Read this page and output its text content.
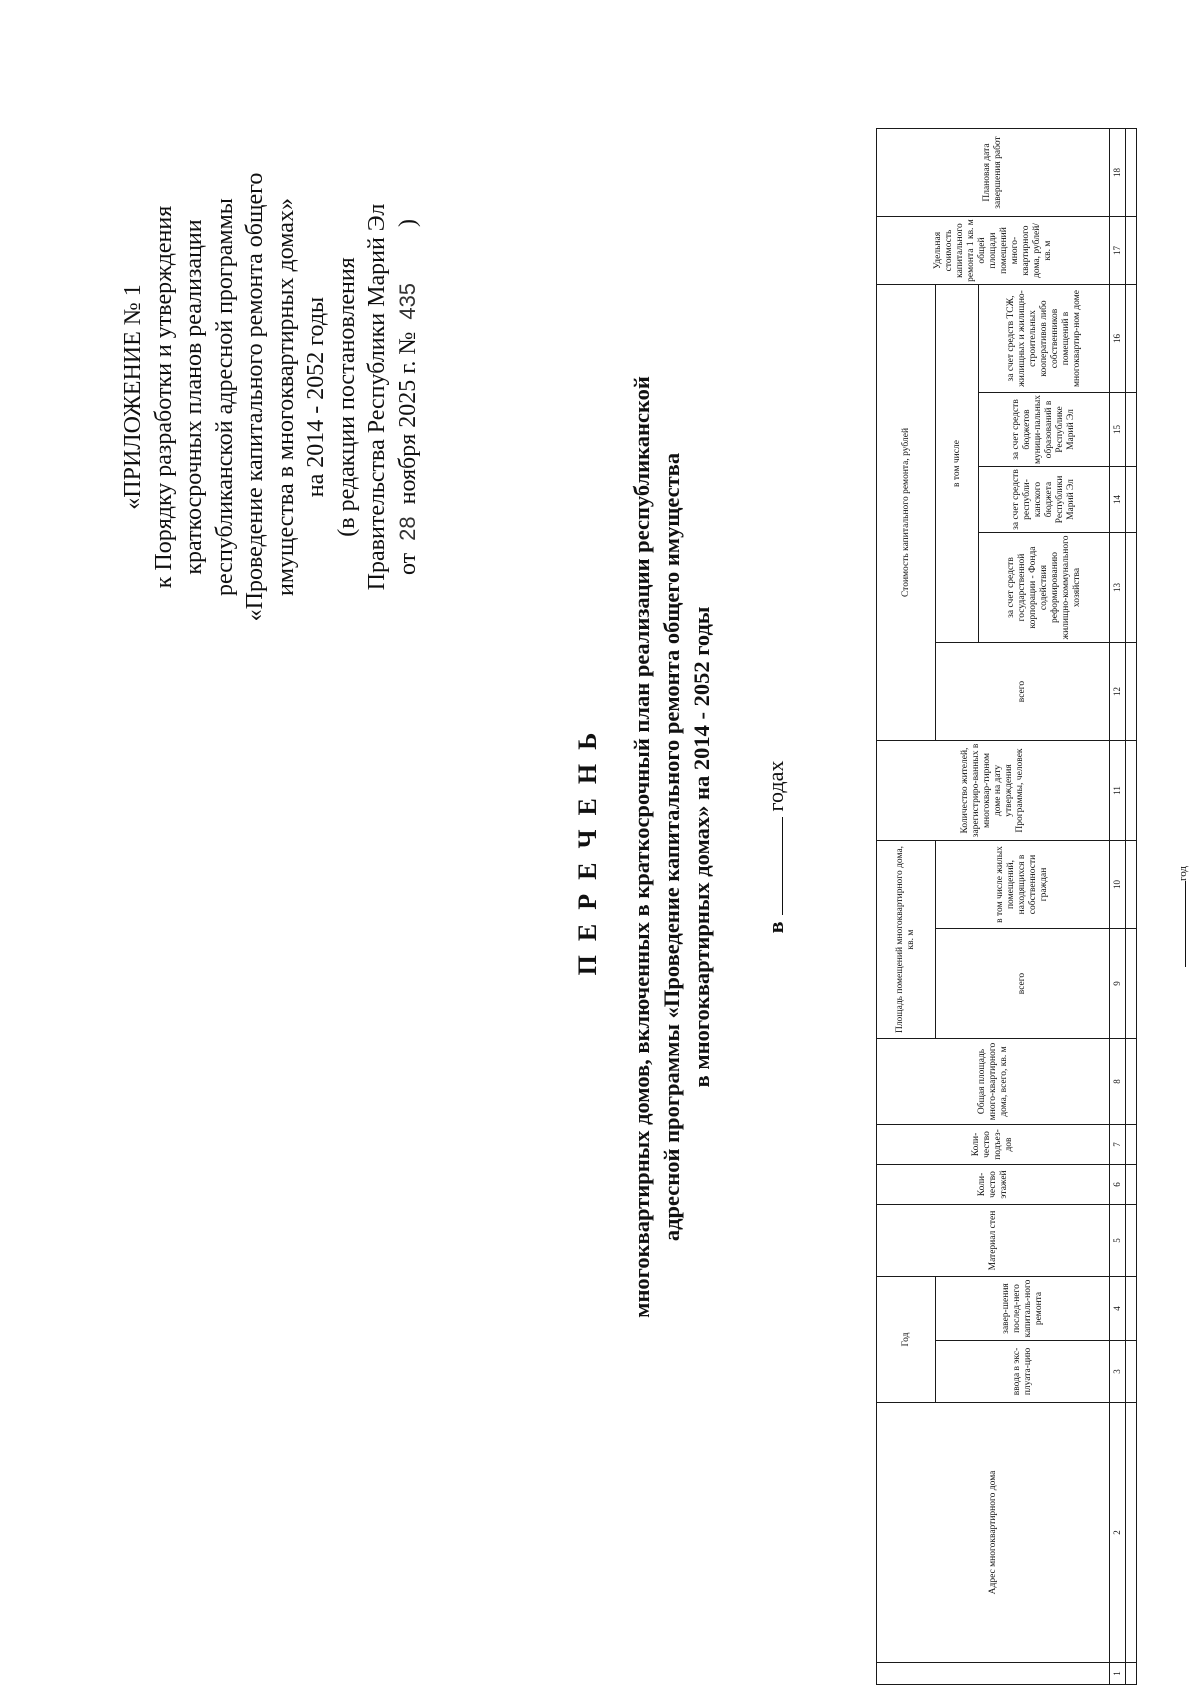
«ПРИЛОЖЕНИЕ № 1 к Порядку разработки и утверждения краткосрочных планов реализации республиканской адресной программы «Проведение капитального ремонта общего имущества в многоквартирных домах» на 2014 - 2052 годы (в редакции постановления Правительства Республики Марий Эл от 28 ноября 2025 г. № 435  )
ПЕРЕЧЕНЬ многоквартирных домов, включенных в краткосрочный план реализации республиканской адресной программы «Проведение капитального ремонта общего имущества в многоквартирных домах» на 2014 - 2052 годы вгодах
	Адрес многоквартирного дома	Год		Материал стен	Коли-чество этажей	Коли-чество подъез-дов	Общая площадь много-квартирного дома, всего, кв. м	Площадь помещений многоквартирного дома, кв. м		Количество жителей, зарегистриро-ванных в многоквар-тирном доме на дату утверждения Программы, человек	Стоимость капитального ремонта, рублей					Удельная стоимость капитального ремонта 1 кв. м общей площади помещений много-квартирного дома, рублей/кв. м	Плановая дата завершения работ
		ввода в экс-плуата-цию	завер-шения послед-него капиталь-ного ремонта					всего	в том числе жилых помещений, находящихся в собственности граждан		всего	в том числе					
												за счет средств государственной корпорации - Фонда содействия реформированию жилищно-коммунального хозяйства	за счет средств республи-канского бюджета Республики Марий Эл	за счет средств бюджетов муници-пальных образований в Республике Марий Эл	за счет средств ТСЖ, жилищных и жилищно-строительных кооперативов либо собственников помещений в многоквартир-ном доме		
1	2	3	4	5	6	7	8	9	10	11	12	13	14	15	16	17	18

год
